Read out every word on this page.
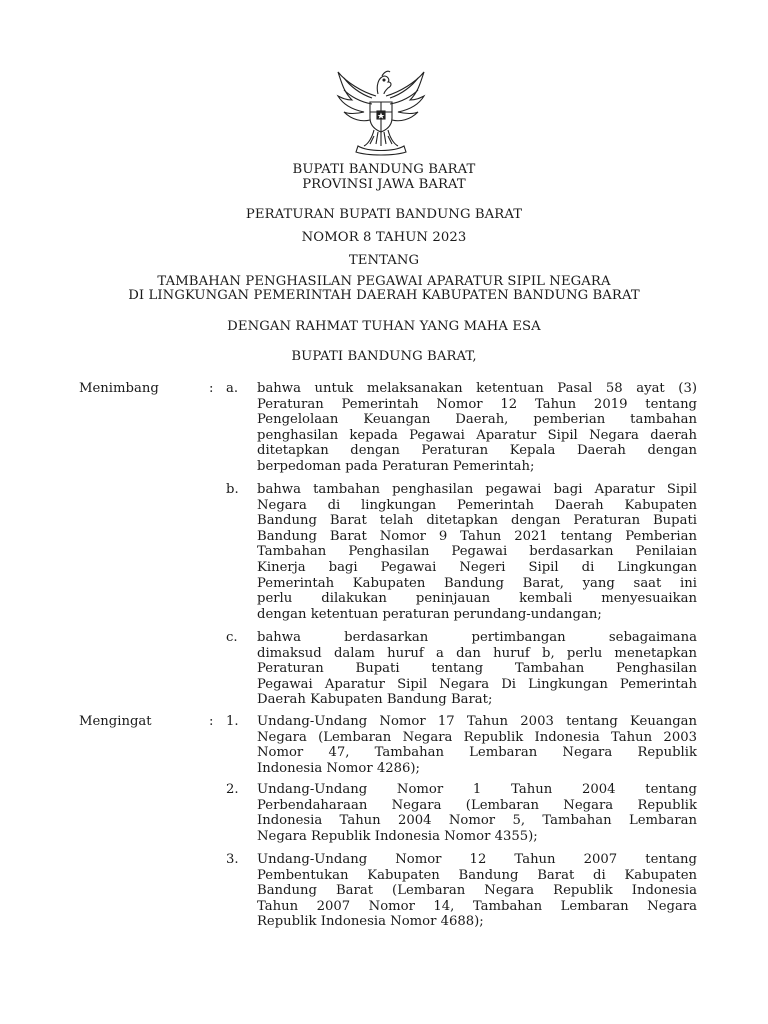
BUPATI BANDUNG BARAT
PROVINSI JAWA BARAT
PERATURAN BUPATI BANDUNG BARAT
NOMOR 8 TAHUN 2023
TENTANG
TAMBAHAN PENGHASILAN PEGAWAI APARATUR SIPIL NEGARA
DI LINGKUNGAN PEMERINTAH DAERAH KABUPATEN BANDUNG BARAT
DENGAN RAHMAT TUHAN YANG MAHA ESA
BUPATI BANDUNG BARAT,
Menimbang	: a. bahwa untuk melaksanakan ketentuan Pasal 58 ayat (3)
Peraturan Pemerintah Nomor 12 Tahun 2019 tentang
Pengelolaan Keuangan Daerah, pemberian tambahan
penghasilan kepada Pegawai Aparatur Sipil Negara daerah
ditetapkan dengan Peraturan Kepala Daerah dengan
berpedoman pada Peraturan Pemerintah;
b. bahwa tambahan penghasilan pegawai bagi Aparatur Sipil
Negara di lingkungan Pemerintah Daerah Kabupaten
Bandung Barat telah ditetapkan dengan Peraturan Bupati
Bandung Barat Nomor 9 Tahun 2021 tentang Pemberian
Tambahan Penghasilan Pegawai berdasarkan Penilaian
Kinerja bagi Pegawai Negeri Sipil di Lingkungan
Pemerintah Kabupaten Bandung Barat, yang saat ini
perlu dilakukan peninjauan kembali menyesuaikan
dengan ketentuan peraturan perundang-undangan;
c. bahwa berdasarkan pertimbangan sebagaimana
dimaksud dalam huruf a dan huruf b, perlu menetapkan
Peraturan Bupati tentang Tambahan Penghasilan
Pegawai Aparatur Sipil Negara Di Lingkungan Pemerintah
Daerah Kabupaten Bandung Barat;
Mengingat	: 1. Undang-Undang Nomor 17 Tahun 2003 tentang Keuangan
Negara (Lembaran Negara Republik Indonesia Tahun 2003
Nomor 47, Tambahan Lembaran Negara Republik
Indonesia Nomor 4286);
2. Undang-Undang Nomor 1 Tahun 2004 tentang
Perbendaharaan Negara (Lembaran Negara Republik
Indonesia Tahun 2004 Nomor 5, Tambahan Lembaran
Negara Republik Indonesia Nomor 4355);
3. Undang-Undang Nomor 12 Tahun 2007 tentang
Pembentukan Kabupaten Bandung Barat di Kabupaten
Bandung Barat (Lembaran Negara Republik Indonesia
Tahun 2007 Nomor 14, Tambahan Lembaran Negara
Republik Indonesia Nomor 4688);
